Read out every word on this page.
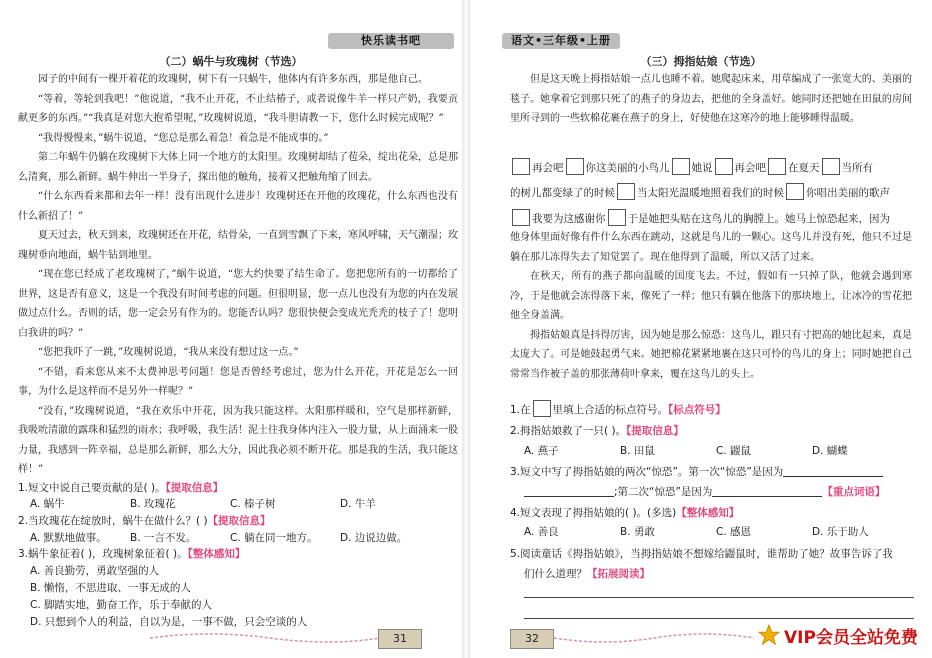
快乐读书吧
（二）蜗牛与玫瑰树（节选）

园子的中间有一棵开着花的玫瑰树，树下有一只蜗牛，他体内有许多东西，那是他自己。

“等着，等轮到我吧！”他说道，“我不止开花，不止结椿子，或者说像牛羊一样只产奶，我要贡献更多的东西。”“我真是对您大抱希望呢，”玫瑰树说道，“我斗胆请教一下，您什么时候完成呢？”

“我得慢慢来，”蜗牛说道，“您总是那么着急！着急是不能成事的。”

第二年蜗牛仍躺在玫瑰树下大体上同一个地方的太阳里。玫瑰树却结了苞朵，绽出花朵，总是那么清爽，那么新鲜。蜗牛伸出一半身子，探出他的触角，接着又把触角缩了回去。

“什么东西看来都和去年一样！没有出现什么进步！玫瑰树还在开他的玫瑰花，什么东西也没有什么新招了！”

夏天过去，秋天到来，玫瑰树还在开花，结骨朵，一直到雪飘了下来，寒风呼啸，天气潮湿；玫瑰树垂向地面，蜗牛钻到地里。

“现在您已经成了老玫瑰树了，”蜗牛说道，“您大约快要了结生命了。您把您所有的一切都给了世界，这是否有意义，这是一个我没有时间考虑的问题。但很明显，您一点儿也没有为您的内在发展做过点什么。否则的话，您一定会另有作为的。您能否认吗？您很快便会变成光秃秃的枝子了！您明白我讲的吗？”

“您把我吓了一跳，”玫瑰树说道，“我从来没有想过这一点。”

“不错，看来您从来不太费神思考问题！您是否曾经考虑过，您为什么开花，开花是怎么一回事，为什么是这样而不是另外一样呢？”

“没有，”玫瑰树说道，“我在欢乐中开花，因为我只能这样。太阳那样暖和，空气是那样新鲜，我吸吮清澈的露珠和猛烈的雨水；我呼吸，我生活！泥土往我身体内注入一股力量，从上面涌来一股力量，我感到一阵幸福，总是那么新鲜，那么大分，因此我必须不断开花。那是我的生活，我只能这样！”

1.短文中说自己要贡献的是( )。【提取信息】
A. 蜗牛	B. 玫瑰花	C. 榛子树	D. 牛羊
2.当玫瑰花在绽放时，蜗牛在做什么？( )【提取信息】
A. 默默地做事。 B. 一言不发。	C. 躺在同一地方。 D. 边说边做。
3.蜗牛象征着( )，玫瑰树象征着( )。【整体感知】
A. 善良勤劳，勇敢坚强的人
B. 懒惰，不思进取、一事无成的人
C. 脚踏实地，勤奋工作，乐于奉献的人
D. 只想到个人的利益，自以为是，一事不做，只会空谈的人
31
语文•三年级•上册
（三）拇指姑娘（节选）

但是这天晚上拇指姑娘一点儿也睡不着。她爬起床来，用草编成了一张宽大的、美丽的毯子。她拿着它到那只死了的燕子的身边去，把他的全身盖好。她同时还把她在田鼠的房间里所寻到的一些软棉花裹在燕子的身上，好使他在这寒冷的地上能够睡得温暖。

再会吧 你这美丽的小鸟儿 她说 再会吧 在夏天 当所有
的树儿都变绿了的时候 当太阳光温暖地照着我们的时候 你唱出美丽的歌声
我要为这感谢你 于是她把头贴在这鸟儿的胸膛上。她马上惊恐起来，因为

他身体里面好像有件什么东西在跳动，这就是鸟儿的一颗心。这鸟儿并没有死，他只不过是躺在那儿冻得失去了知觉罢了。现在他得到了温暖，所以又活了过来。

在秋天，所有的燕子都向温暖的国度飞去。不过，假如有一只掉了队，他就会遇到寒冷，于是他就会冻得落下来，像死了一样；他只有躺在他落下的那块地上，让冰冷的雪花把他全身盖满。

拇指姑娘真是抖得厉害，因为她是那么惊恐：这鸟儿，跟只有寸把高的她比起来，真是太庞大了。可是她鼓起勇气来。她把棉花紧紧地裹在这只可怜的鸟儿的身上；同时她把自己常常当作被子盖的那张薄荷叶拿来，覆在这鸟儿的头上。

1.在 里填上合适的标点符号。【标点符号】
2.拇指姑娘救了一只( )。【提取信息】
A. 燕子	B. 田鼠	C. 鼹鼠	D. 蝴蝶
3.短文中写了拇指姑娘的两次“惊恐”。第一次“惊恐”是因为
;第二次“惊恐”是因为	【重点词语】
4.短文表现了拇指姑娘的( )。(多选)【整体感知】
A. 善良	B. 勇敢	C. 感恩	D. 乐于助人
5.阅读童话《拇指姑娘》，当拇指姑娘不想嫁给鼹鼠时，谁帮助了她？故事告诉了我
们什么道理？【拓展阅读】
32	VIP会员全站免费
